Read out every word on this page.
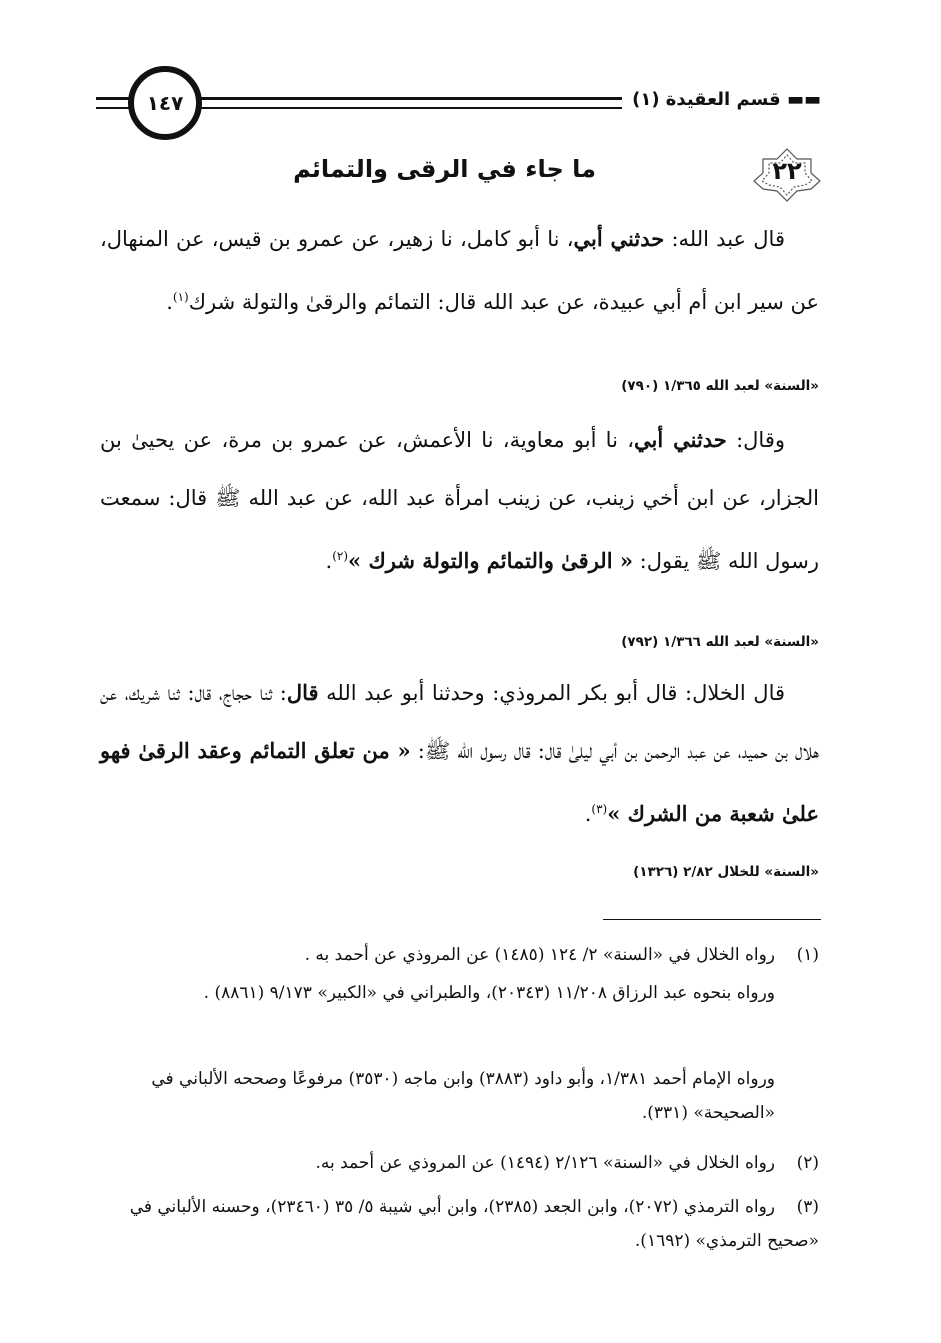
▬▬ قسم العقيدة (١)
١٤٧
٢٢
ما جاء في الرقى والتمائم
قال عبد الله: حدثني أبي، نا أبو كامل، نا زهير، عن عمرو بن قيس، عن المنهال، عن سير ابن أم أبي عبيدة، عن عبد الله قال: التمائم والرقىٰ والتولة شرك$^{(١)}$.
«السنة» لعبد الله ١/٣٦٥ (٧٩٠)
وقال: حدثني أبي، نا أبو معاوية، نا الأعمش، عن عمرو بن مرة، عن يحيىٰ بن الجزار، عن ابن أخي زينب، عن زينب امرأة عبد الله، عن عبد الله ﷺ قال: سمعت رسول الله ﷺ يقول: « الرقىٰ والتمائم والتولة شرك »$^{(٢)}$.
«السنة» لعبد الله ١/٣٦٦ (٧٩٢)
قال الخلال: قال أبو بكر المروذي: وحدثنا أبو عبد الله قال: ثنا حجاج، قال: ثنا شريك، عن هلال بن حميد، عن عبد الرحمن بن أبي ليلىٰ قال: قال رسول الله ﷺ: « من تعلق التمائم وعقد الرقىٰ فهو علىٰ شعبة من الشرك »$^{(٣)}$.
«السنة» للخلال ٢/٨٢ (١٣٢٦)
(١)رواه الخلال في «السنة» ٢/ ١٢٤ (١٤٨٥) عن المروذي عن أحمد به .
ورواه بنحوه عبد الرزاق ١١/٢٠٨ (٢٠٣٤٣)، والطبراني في «الكبير» ٩/١٧٣ (٨٨٦١) .
ورواه الإمام أحمد ١/٣٨١، وأبو داود (٣٨٨٣) وابن ماجه (٣٥٣٠) مرفوعًا وصححه الألباني في «الصحيحة» (٣٣١).
(٢)رواه الخلال في «السنة» ٢/١٢٦ (١٤٩٤) عن المروذي عن أحمد به.
(٣)رواه الترمذي (٢٠٧٢)، وابن الجعد (٢٣٨٥)، وابن أبي شيبة ٥/ ٣٥ (٢٣٤٦٠)، وحسنه الألباني في «صحيح الترمذي» (١٦٩٢).
